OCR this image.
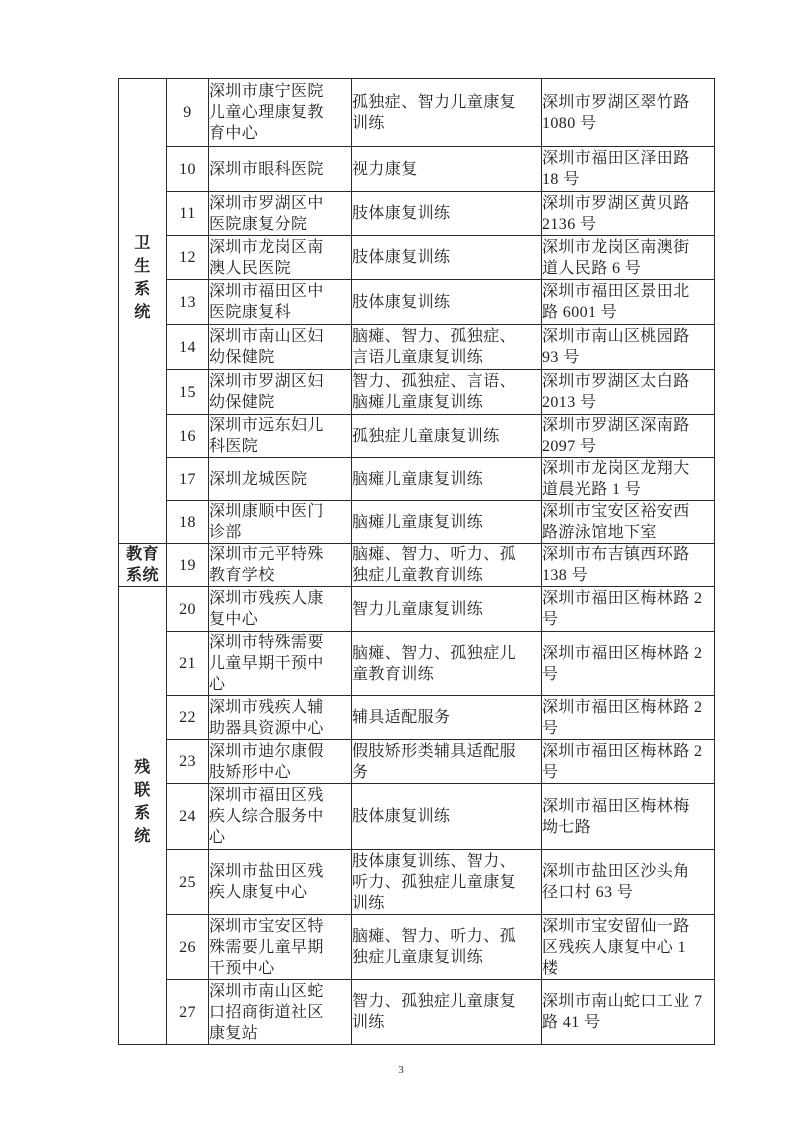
卫生系统	9	深圳市康宁医院
儿童心理康复教
育中心	孤独症、智力儿童康复
训练	深圳市罗湖区翠竹路
1080 号
	10	深圳市眼科医院	视力康复	深圳市福田区泽田路
18 号
	11	深圳市罗湖区中
医院康复分院	肢体康复训练	深圳市罗湖区黄贝路
2136 号
	12	深圳市龙岗区南
澳人民医院	肢体康复训练	深圳市龙岗区南澳街
道人民路 6 号
	13	深圳市福田区中
医院康复科	肢体康复训练	深圳市福田区景田北
路 6001 号
	14	深圳市南山区妇
幼保健院	脑瘫、智力、孤独症、
言语儿童康复训练	深圳市南山区桃园路
93 号
	15	深圳市罗湖区妇
幼保健院	智力、孤独症、言语、
脑瘫儿童康复训练	深圳市罗湖区太白路
2013 号
	16	深圳市远东妇儿
科医院	孤独症儿童康复训练	深圳市罗湖区深南路
2097 号
	17	深圳龙城医院	脑瘫儿童康复训练	深圳市龙岗区龙翔大
道晨光路 1 号
	18	深圳康顺中医门
诊部	脑瘫儿童康复训练	深圳市宝安区裕安西
路游泳馆地下室

教育系统	19	深圳市元平特殊
教育学校	脑瘫、智力、听力、孤
独症儿童教育训练	深圳市布吉镇西环路
138 号

残联系统	20	深圳市残疾人康
复中心	智力儿童康复训练	深圳市福田区梅林路 2
号
	21	深圳市特殊需要
儿童早期干预中
心	脑瘫、智力、孤独症儿
童教育训练	深圳市福田区梅林路 2
号
	22	深圳市残疾人辅
助器具资源中心	辅具适配服务	深圳市福田区梅林路 2
号
	23	深圳市迪尔康假
肢矫形中心	假肢矫形类辅具适配服
务	深圳市福田区梅林路 2
号
	24	深圳市福田区残
疾人综合服务中
心	肢体康复训练	深圳市福田区梅林梅
坳七路
	25	深圳市盐田区残
疾人康复中心	肢体康复训练、智力、
听力、孤独症儿童康复
训练	深圳市盐田区沙头角
径口村 63 号
	26	深圳市宝安区特
殊需要儿童早期
干预中心	脑瘫、智力、听力、孤
独症儿童康复训练	深圳市宝安留仙一路
区残疾人康复中心 1
楼
	27	深圳市南山区蛇
口招商街道社区
康复站	智力、孤独症儿童康复
训练	深圳市南山蛇口工业 7
路 41 号
3
